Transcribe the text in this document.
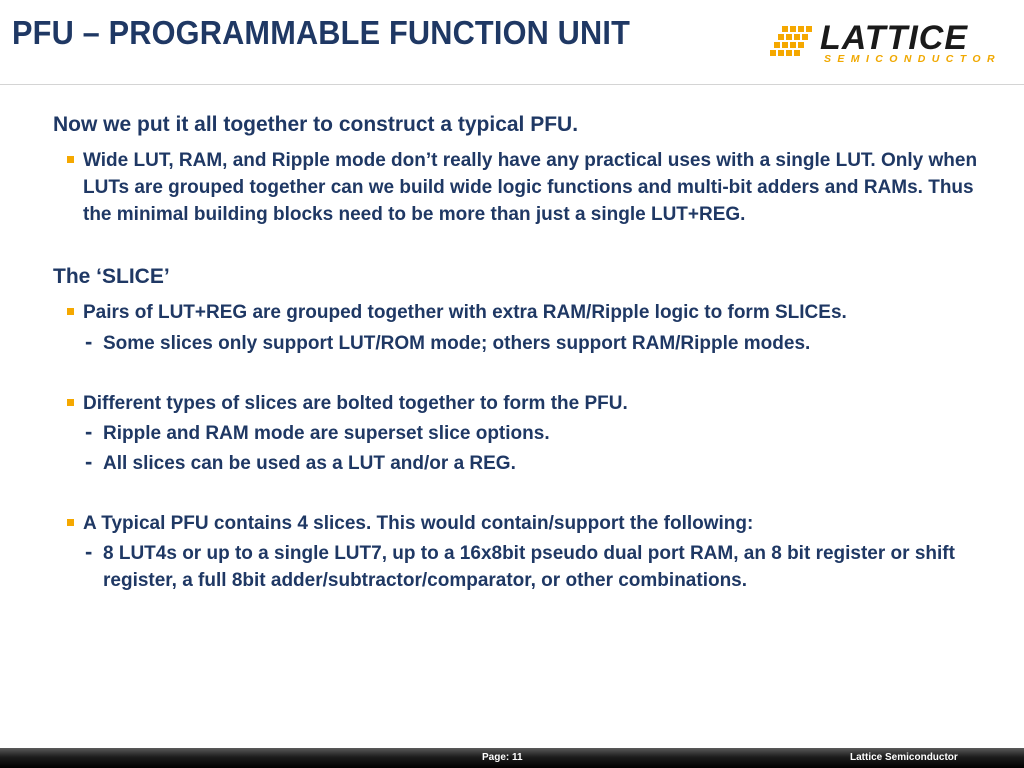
PFU – PROGRAMMABLE FUNCTION UNIT	LATTICE
SEMICONDUCTOR
Now we put it all together to construct a typical PFU.
Wide LUT, RAM, and Ripple mode don’t really have any practical uses with a single LUT. Only when LUTs are grouped together can we build wide logic functions and multi-bit adders and RAMs. Thus the minimal building blocks need to be more than just a single LUT+REG.
The ‘SLICE’
Pairs of LUT+REG are grouped together with extra RAM/Ripple logic to form SLICEs.
- Some slices only support LUT/ROM mode; others support RAM/Ripple modes.
Different types of slices are bolted together to form the PFU.
- Ripple and RAM mode are superset slice options.
- All slices can be used as a LUT and/or a REG.
A Typical PFU contains 4 slices. This would contain/support the following:
- 8 LUT4s or up to a single LUT7, up to a 16x8bit pseudo dual port RAM, an 8 bit register or shift register, a full 8bit adder/subtractor/comparator, or other combinations.
Page: 11	Lattice Semiconductor
